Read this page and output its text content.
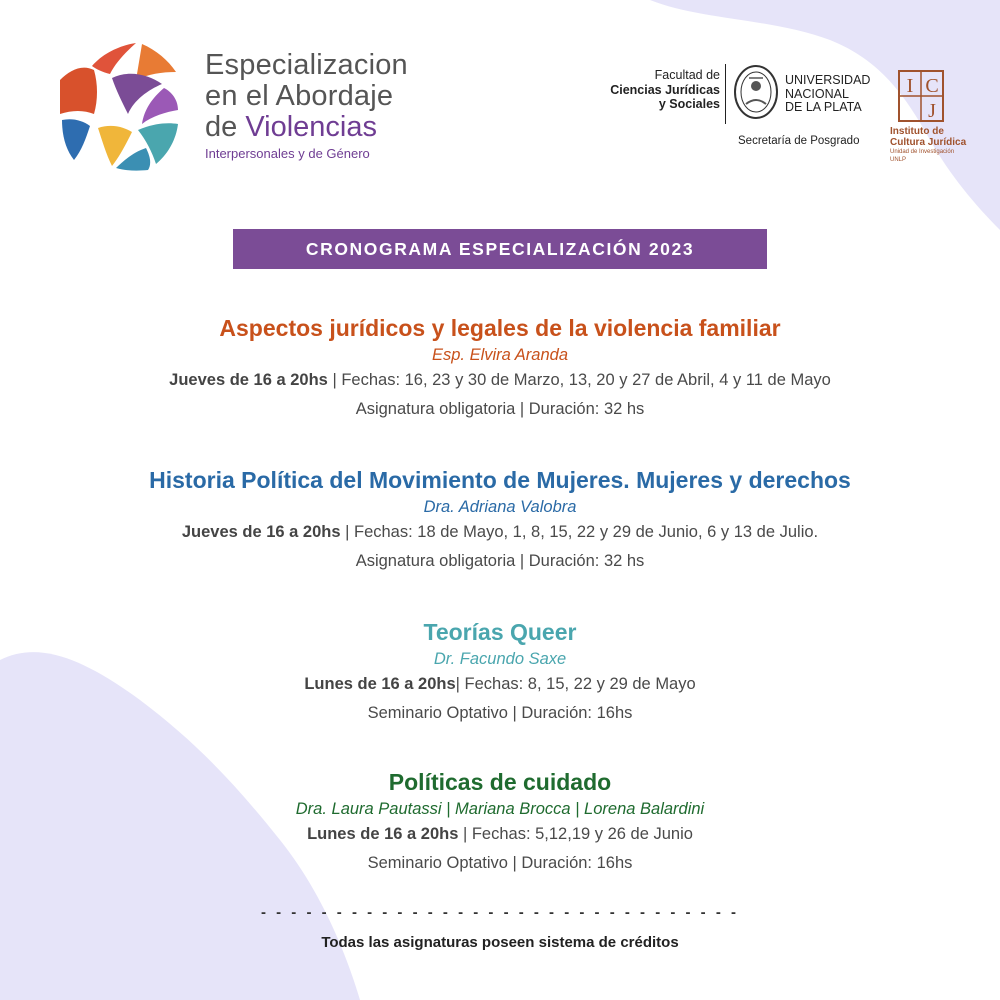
Especializacion
en el Abordaje
de Violencias
Interpersonales y de Género
Facultad de
Ciencias Jurídicas
y Sociales
UNIVERSIDAD
NACIONAL
DE LA PLATA
Secretaría de Posgrado
I C
J
Instituto de
Cultura Jurídica
Unidad de Investigación UNLP
CRONOGRAMA ESPECIALIZACIÓN 2023
Aspectos jurídicos y legales de la violencia familiar
Esp. Elvira Aranda
Jueves de 16 a 20hs | Fechas: 16, 23 y 30 de Marzo, 13, 20 y 27 de Abril, 4 y 11 de Mayo
Asignatura obligatoria | Duración: 32 hs
Historia Política del Movimiento de Mujeres. Mujeres y derechos
Dra. Adriana Valobra
Jueves de 16 a 20hs | Fechas: 18 de Mayo, 1, 8, 15, 22 y 29 de Junio, 6 y 13 de Julio.
Asignatura obligatoria | Duración: 32 hs
Teorías Queer
Dr. Facundo Saxe
Lunes de 16 a 20hs| Fechas: 8, 15, 22 y 29 de Mayo
Seminario Optativo | Duración: 16hs
Políticas de cuidado
Dra. Laura Pautassi | Mariana Brocca | Lorena Balardini
Lunes de 16 a 20hs | Fechas: 5,12,19 y 26 de Junio
Seminario Optativo | Duración: 16hs
- - - - - - - - - - - - - - - - - - - - - - - - - - - - - - - -
Todas las asignaturas poseen sistema de créditos
